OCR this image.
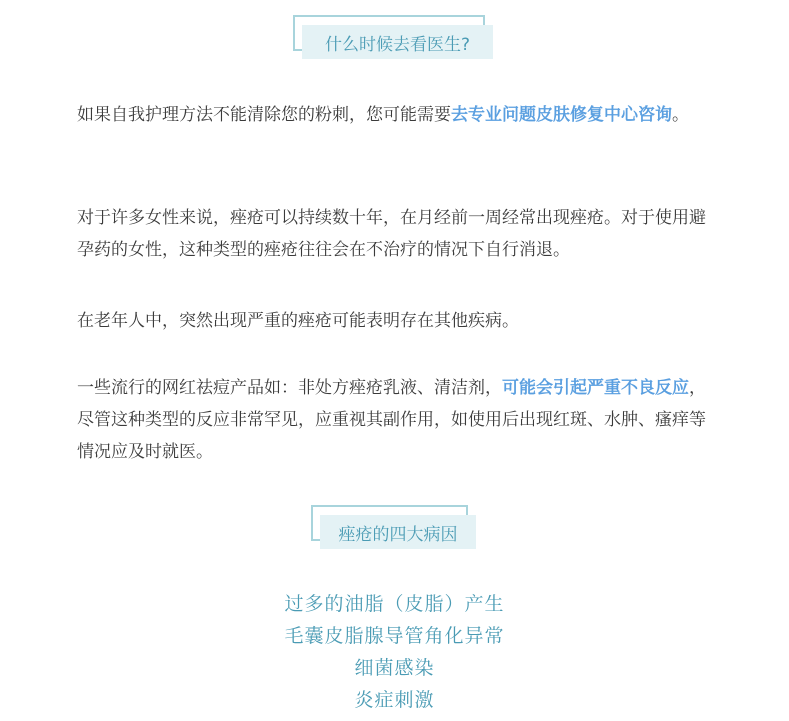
什么时候去看医生?

如果自我护理方法不能清除您的粉刺，您可能需要去专业问题皮肤修复中心咨询。

对于许多女性来说，痤疮可以持续数十年，在月经前一周经常出现痤疮。对于使用避孕药的女性，这种类型的痤疮往往会在不治疗的情况下自行消退。

在老年人中，突然出现严重的痤疮可能表明存在其他疾病。

一些流行的网红祛痘产品如：非处方痤疮乳液、清洁剂，可能会引起严重不良反应，尽管这种类型的反应非常罕见，应重视其副作用，如使用后出现红斑、水肿、瘙痒等情况应及时就医。

痤疮的四大病因
过多的油脂（皮脂）产生
毛囊皮脂腺导管角化异常
细菌感染
炎症刺激
